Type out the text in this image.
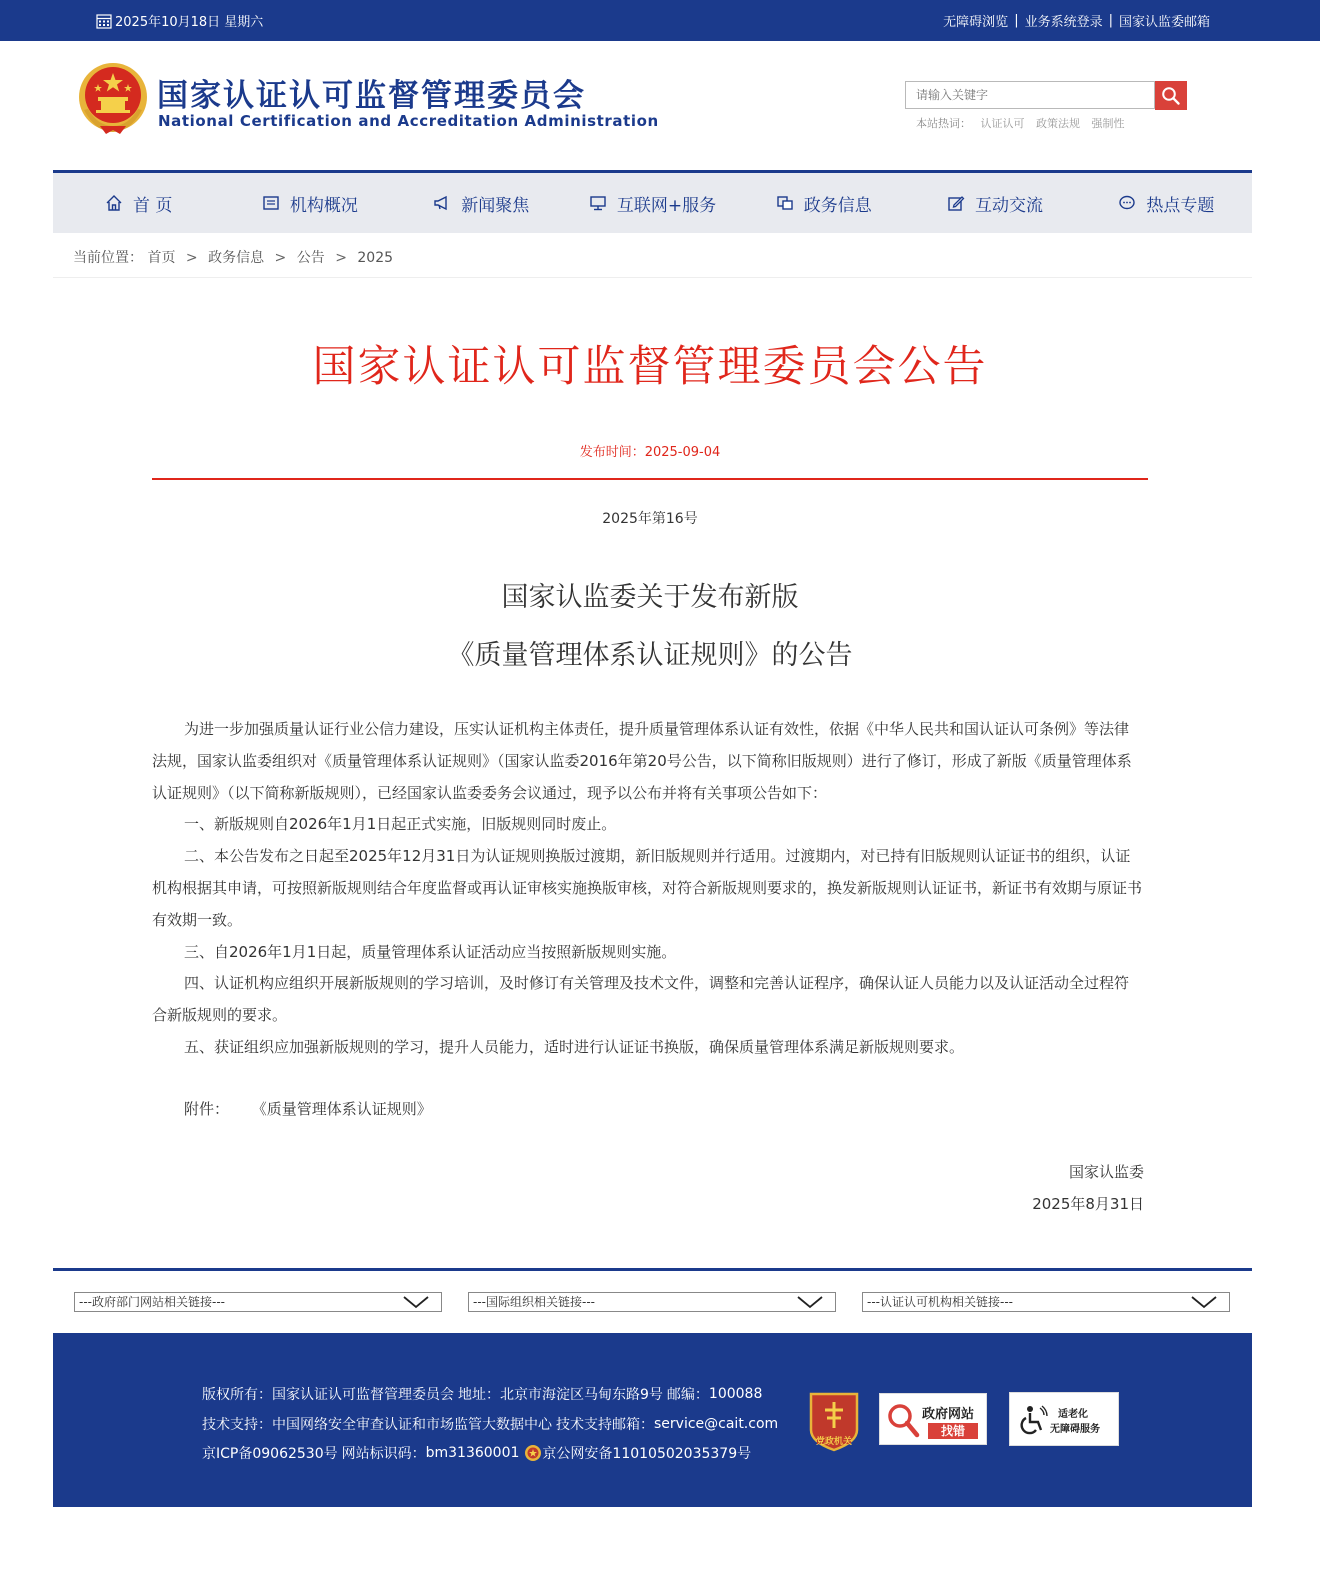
2025年10月18日 星期六	无障碍浏览 | 业务系统登录 | 国家认监委邮箱
国家认证认可监督管理委员会
National Certification and Accreditation Administration
请输入关键字	本站热词： 认证认可 政策法规 强制性
首 页	机构概况	新闻聚焦	互联网+服务	政务信息	互动交流	热点专题
当前位置： 首页 > 政务信息 > 公告 > 2025
国家认证认可监督管理委员会公告
发布时间：2025-09-04
2025年第16号
国家认监委关于发布新版
《质量管理体系认证规则》的公告

为进一步加强质量认证行业公信力建设，压实认证机构主体责任，提升质量管理体系认证有效性，依据《中华人民共和国认证认可条例》等法律法规，国家认监委组织对《质量管理体系认证规则》（国家认监委2016年第20号公告，以下简称旧版规则）进行了修订，形成了新版《质量管理体系认证规则》（以下简称新版规则），已经国家认监委委务会议通过，现予以公布并将有关事项公告如下：

一、新版规则自2026年1月1日起正式实施，旧版规则同时废止。

二、本公告发布之日起至2025年12月31日为认证规则换版过渡期，新旧版规则并行适用。过渡期内，对已持有旧版规则认证证书的组织，认证机构根据其申请，可按照新版规则结合年度监督或再认证审核实施换版审核，对符合新版规则要求的，换发新版规则认证证书，新证书有效期与原证书有效期一致。

三、自2026年1月1日起，质量管理体系认证活动应当按照新版规则实施。

四、认证机构应组织开展新版规则的学习培训，及时修订有关管理及技术文件，调整和完善认证程序，确保认证人员能力以及认证活动全过程符合新版规则的要求。

五、获证组织应加强新版规则的学习，提升人员能力，适时进行认证证书换版，确保质量管理体系满足新版规则要求。

附件： 《质量管理体系认证规则》
国家认监委
2025年8月31日
---政府部门网站相关链接---	---国际组织相关链接---	---认证认可机构相关链接---
版权所有： 国家认证认可监督管理委员会 地址： 北京市海淀区马甸东路9号 邮编： 100088
技术支持： 中国网络安全审查认证和市场监管大数据中心 技术支持邮箱： service@cait.com
京ICP备09062530号 网站标识码： bm31360001 京公网安备11010502035379号
党政机关
政府网站
找错
适老化
无障碍服务
